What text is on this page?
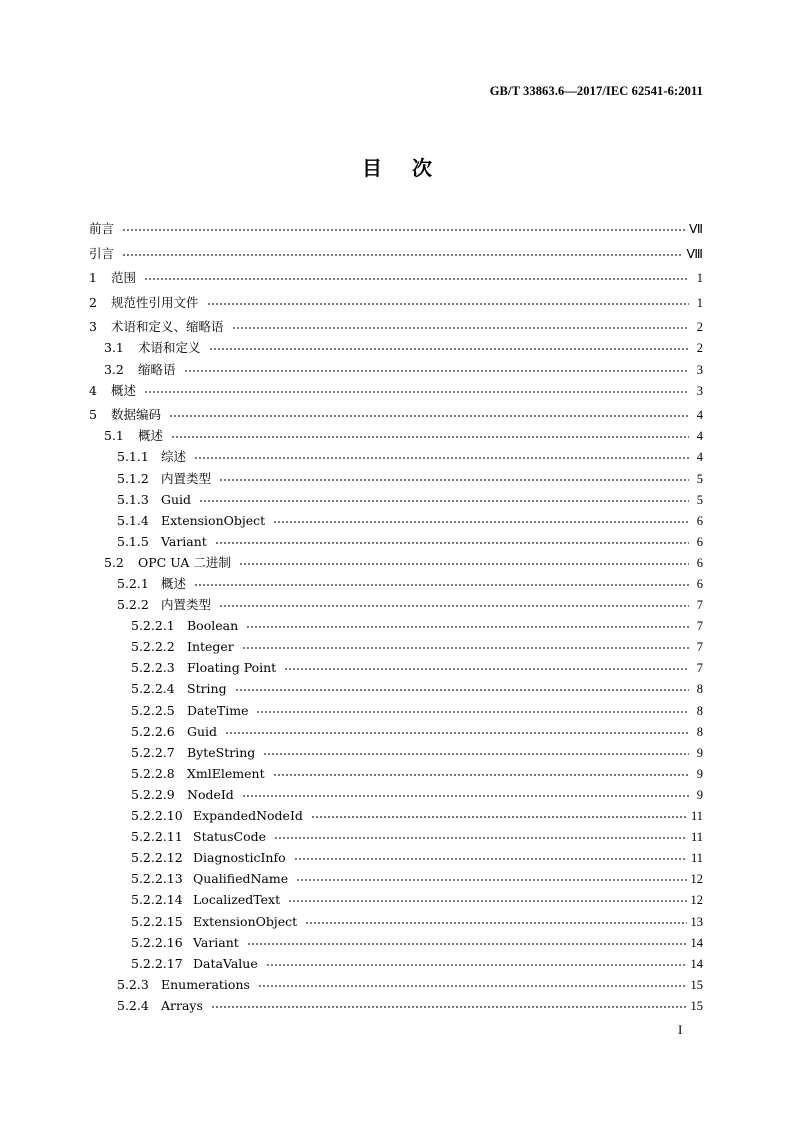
GB/T 33863.6—2017/IEC 62541-6:2011
目次
前言	Ⅶ
引言	Ⅷ
1	范围	1
2	规范性引用文件	1
3	术语和定义、缩略语	2
3.1	术语和定义	2
3.2	缩略语	3
4	概述	3
5	数据编码	4
5.1	概述	4
5.1.1 综述	4
5.1.2 内置类型	5
5.1.3 Guid	5
5.1.4 ExtensionObject	6
5.1.5 Variant	6
5.2	OPC UA 二进制	6
5.2.1 概述	6
5.2.2 内置类型	7
5.2.2.1 Boolean	7
5.2.2.2 Integer	7
5.2.2.3 Floating Point	7
5.2.2.4 String	8
5.2.2.5 DateTime	8
5.2.2.6 Guid	8
5.2.2.7 ByteString	9
5.2.2.8 XmlElement	9
5.2.2.9 NodeId	9
5.2.2.10 ExpandedNodeId	11
5.2.2.11 StatusCode	11
5.2.2.12 DiagnosticInfo	11
5.2.2.13 QualifiedName	12
5.2.2.14 LocalizedText	12
5.2.2.15 ExtensionObject	13
5.2.2.16 Variant	14
5.2.2.17 DataValue	14
5.2.3 Enumerations	15
5.2.4 Arrays	15
I
